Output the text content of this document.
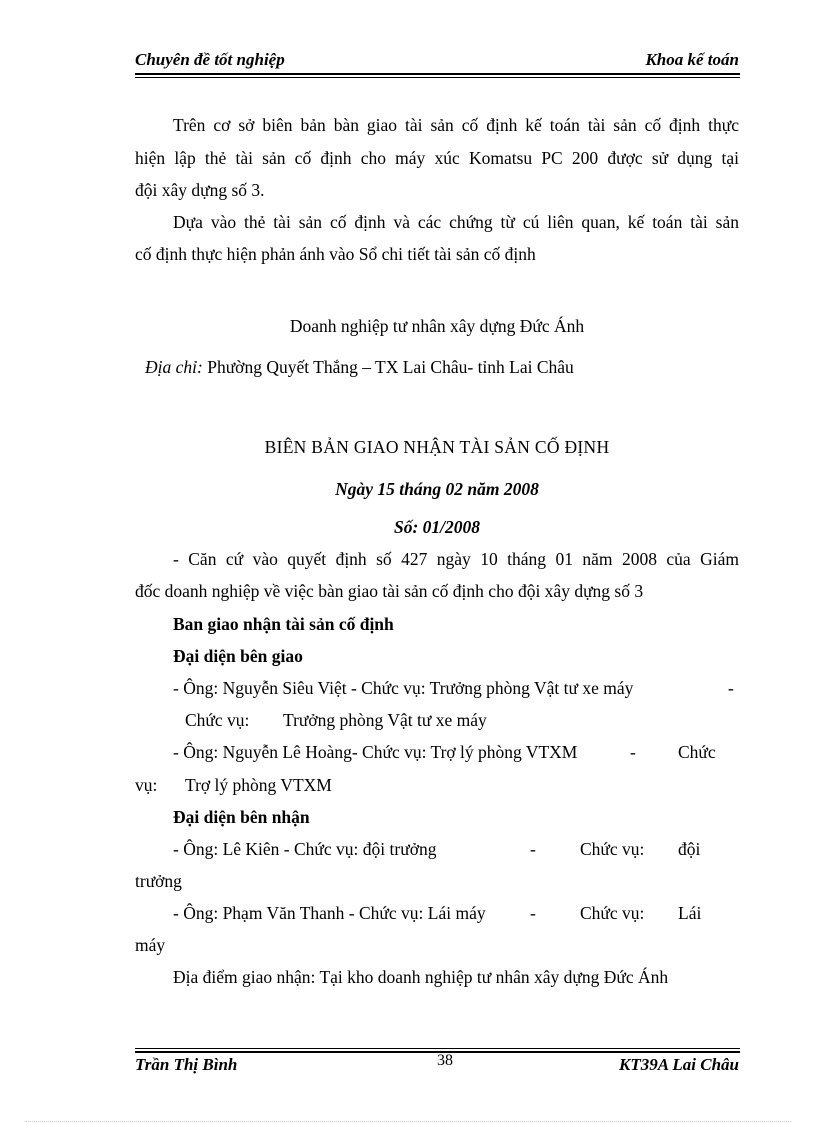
Chuyên đề tốt nghiệp	Khoa kế toán
Trên cơ sở biên bản bàn giao tài sản cố định kế toán tài sản cố định thực
hiện lập thẻ tài sản cố định cho máy xúc Komatsu PC 200 được sử dụng tại
đội xây dựng số 3.
Dựa vào thẻ tài sản cố định và các chứng từ cú liên quan, kế toán tài sản
cố định thực hiện phản ánh vào Sổ chi tiết tài sản cố định
Doanh nghiệp tư nhân xây dựng Đức Ánh
Địa chỉ: Phường Quyết Thắng – TX Lai Châu- tỉnh Lai Châu
BIÊN BẢN GIAO NHẬN TÀI SẢN CỐ ĐỊNH
Ngày 15 tháng 02 năm 2008
Số: 01/2008
- Căn cứ vào quyết định số 427 ngày 10 tháng 01 năm 2008 của Giám
đốc doanh nghiệp về việc bàn giao tài sản cố định cho đội xây dựng số 3
Ban giao nhận tài sản cố định
Đại diện bên giao
- Ông: Nguyễn Siêu Việt - Chức vụ: Trưởng phòng Vật tư xe máy	-
Chức vụ: Trưởng phòng Vật tư xe máy
- Ông: Nguyễn Lê Hoàng- Chức vụ: Trợ lý phòng VTXM	- Chức
vụ: Trợ lý phòng VTXM
Đại diện bên nhận
- Ông: Lê Kiên - Chức vụ: đội trưởng	-	Chức vụ: đội
trưởng
- Ông: Phạm Văn Thanh - Chức vụ: Lái máy	-	Chức vụ: Lái
máy
Địa điểm giao nhận: Tại kho doanh nghiệp tư nhân xây dựng Đức Ánh
Trần Thị Bình	38	KT39A Lai Châu
